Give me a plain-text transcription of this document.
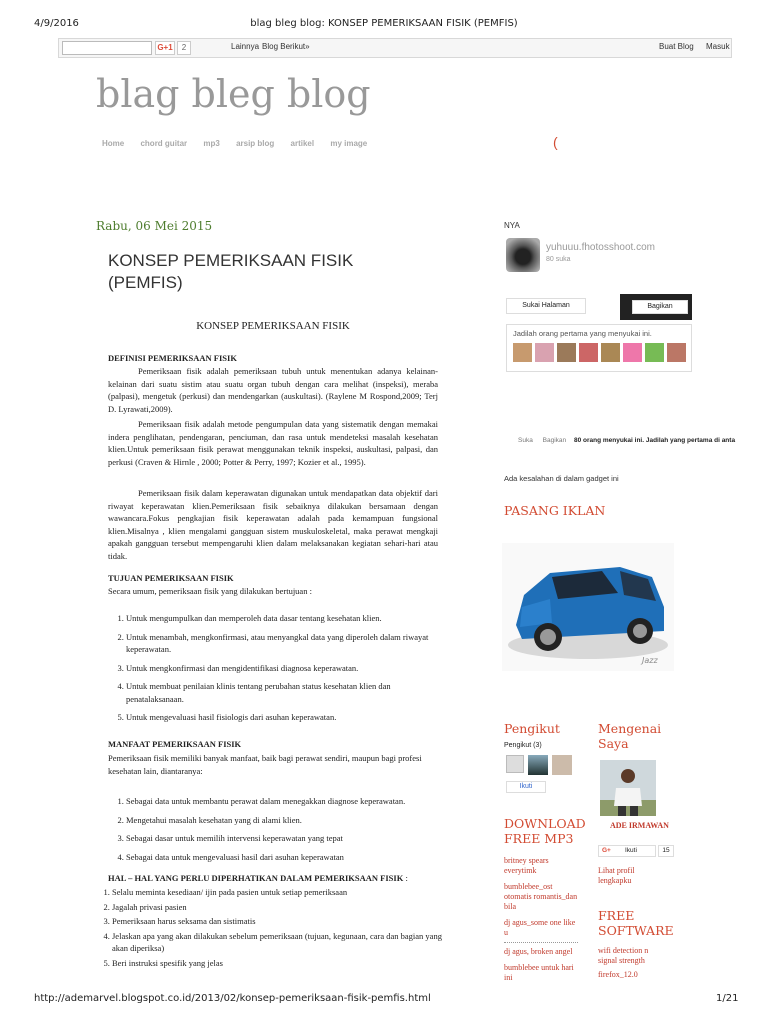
4/9/2016	blag bleg blog: KONSEP PEMERIKSAAN FISIK (PEMFIS)
http://ademarvel.blogspot.co.id/2013/02/konsep-pemeriksaan-fisik-pemfis.html	1/21
G+1	2	Lainnya Blog Berikut»	Buat Blog Masuk
blag bleg blog
Home chord guitar mp3 arsip blog artikel my image	(
Rabu, 06 Mei 2015
KONSEP PEMERIKSAAN FISIK (PEMFIS)
KONSEP PEMERIKSAAN FISIK
DEFINISI PEMERIKSAAN FISIK
Pemeriksaan fisik adalah pemeriksaan tubuh untuk menentukan adanya kelainan-kelainan dari suatu sistim atau suatu organ tubuh dengan cara melihat (inspeksi), meraba (palpasi), mengetuk (perkusi) dan mendengarkan (auskultasi). (Raylene M Rospond,2009; Terj D. Lyrawati,2009).
Pemeriksaan fisik adalah metode pengumpulan data yang sistematik dengan memakai indera penglihatan, pendengaran, penciuman, dan rasa untuk mendeteksi masalah kesehatan klien.Untuk pemeriksaan fisik perawat menggunakan teknik inspeksi, auskultasi, palpasi, dan perkusi (Craven & Hirnle , 2000; Potter & Perry, 1997; Kozier et al., 1995).
Pemeriksaan fisik dalam keperawatan digunakan untuk mendapatkan data objektif dari riwayat keperawatan klien.Pemeriksaan fisik sebaiknya dilakukan bersamaan dengan wawancara.Fokus pengkajian fisik keperawatan adalah pada kemampuan fungsional klien.Misalnya , klien mengalami gangguan sistem muskuloskeletal, maka perawat mengkaji apakah gangguan tersebut mempengaruhi klien dalam melaksanakan kegiatan sehari-hari atau tidak.
TUJUAN PEMERIKSAAN FISIK
Secara umum, pemeriksaan fisik yang dilakukan bertujuan :
1. Untuk mengumpulkan dan memperoleh data dasar tentang kesehatan klien.
2. Untuk menambah, mengkonfirmasi, atau menyangkal data yang diperoleh dalam riwayat keperawatan.
3. Untuk mengkonfirmasi dan mengidentifikasi diagnosa keperawatan.
4. Untuk membuat penilaian klinis tentang perubahan status kesehatan klien dan penatalaksanaan.
5. Untuk mengevaluasi hasil fisiologis dari asuhan keperawatan.
MANFAAT PEMERIKSAAN FISIK
Pemeriksaan fisik memiliki banyak manfaat, baik bagi perawat sendiri, maupun bagi profesi kesehatan lain, diantaranya:
1. Sebagai data untuk membantu perawat dalam menegakkan diagnose keperawatan.
2. Mengetahui masalah kesehatan yang di alami klien.
3. Sebagai dasar untuk memilih intervensi keperawatan yang tepat
4. Sebagai data untuk mengevaluasi hasil dari asuhan keperawatan
HAL – HAL YANG PERLU DIPERHATIKAN DALAM PEMERIKSAAN FISIK :
1. Selalu meminta kesediaan/ ijin pada pasien untuk setiap pemeriksaan
2. Jagalah privasi pasien
3. Pemeriksaan harus seksama dan sistimatis
4. Jelaskan apa yang akan dilakukan sebelum pemeriksaan (tujuan, kegunaan, cara dan bagian yang akan diperiksa)
5. Beri instruksi spesifik yang jelas
NYA
yuhuuu.fhotosshoot.com
80 suka
Sukai Halaman	Bagikan
Jadilah orang pertama yang menyukai ini.
Suka Bagikan 80 orang menyukai ini. Jadilah yang pertama di anta
Ada kesalahan di dalam gadget ini
PASANG IKLAN
Jazz
Pengikut
Pengikut (3)
Ikuti
Mengenai Saya
ADE IRMAWAN
G+ Ikuti	15
Lihat profil lengkapku
DOWNLOAD FREE MP3
britney spears everytimk
bumblebee_ost otomatis romantis_dan bila
dj agus_some one like u
dj agus, broken angel
bumblebee untuk hari ini
FREE SOFTWARE
wifi detection n signal strength
firefox_12.0
